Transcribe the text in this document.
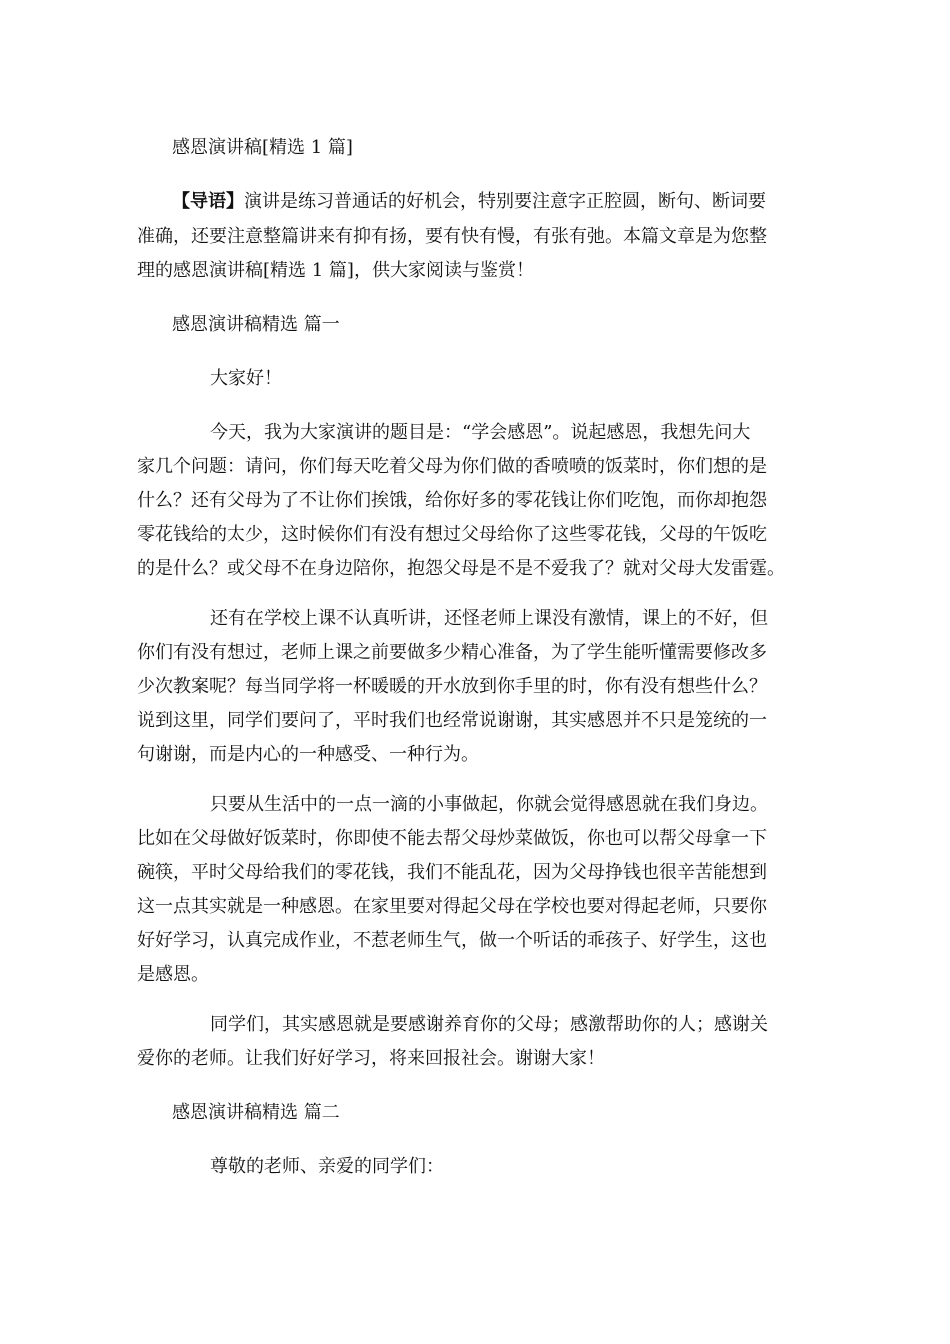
感恩演讲稿[精选 1 篇]
【导语】演讲是练习普通话的好机会，特别要注意字正腔圆，断句、断词要
准确，还要注意整篇讲来有抑有扬，要有快有慢，有张有弛。本篇文章是为您整
理的感恩演讲稿[精选 1 篇]，供大家阅读与鉴赏！
感恩演讲稿精选 篇一
大家好！
今天，我为大家演讲的题目是：“学会感恩”。说起感恩，我想先问大
家几个问题：请问，你们每天吃着父母为你们做的香喷喷的饭菜时，你们想的是
什么？还有父母为了不让你们挨饿，给你好多的零花钱让你们吃饱，而你却抱怨
零花钱给的太少，这时候你们有没有想过父母给你了这些零花钱，父母的午饭吃
的是什么？或父母不在身边陪你，抱怨父母是不是不爱我了？就对父母大发雷霆。
还有在学校上课不认真听讲，还怪老师上课没有激情，课上的不好，但
你们有没有想过，老师上课之前要做多少精心准备，为了学生能听懂需要修改多
少次教案呢？每当同学将一杯暖暖的开水放到你手里的时，你有没有想些什么？
说到这里，同学们要问了，平时我们也经常说谢谢，其实感恩并不只是笼统的一
句谢谢，而是内心的一种感受、一种行为。
只要从生活中的一点一滴的小事做起，你就会觉得感恩就在我们身边。
比如在父母做好饭菜时，你即使不能去帮父母炒菜做饭，你也可以帮父母拿一下
碗筷，平时父母给我们的零花钱，我们不能乱花，因为父母挣钱也很辛苦能想到
这一点其实就是一种感恩。在家里要对得起父母在学校也要对得起老师，只要你
好好学习，认真完成作业，不惹老师生气，做一个听话的乖孩子、好学生，这也
是感恩。
同学们，其实感恩就是要感谢养育你的父母；感激帮助你的人；感谢关
爱你的老师。让我们好好学习，将来回报社会。谢谢大家！
感恩演讲稿精选 篇二
尊敬的老师、亲爱的同学们：
